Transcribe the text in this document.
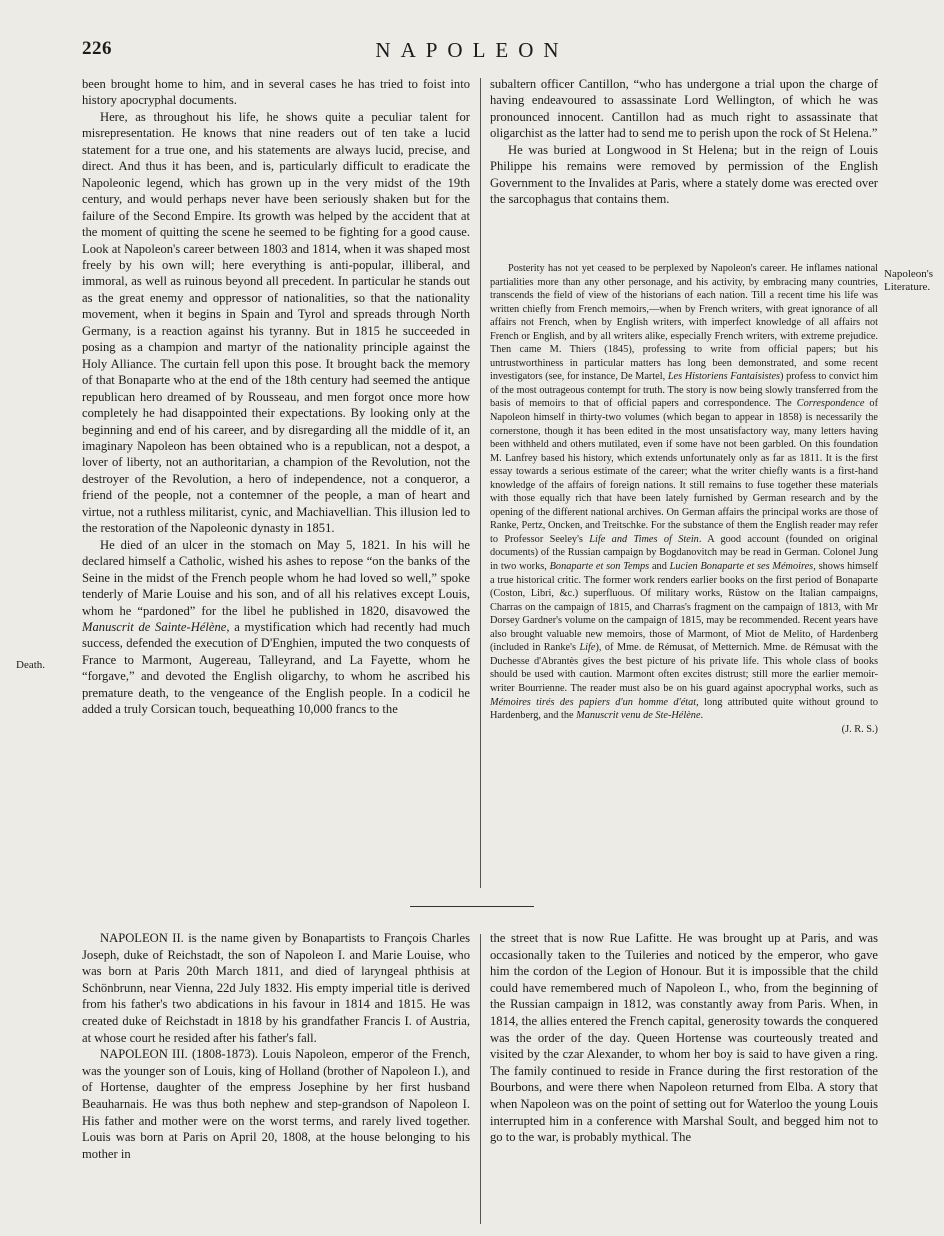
226	NAPOLEON
Death.
Napoleon's Literature.

been brought home to him, and in several cases he has tried to foist into history apocryphal documents.

Here, as throughout his life, he shows quite a peculiar talent for misrepresentation. He knows that nine readers out of ten take a lucid statement for a true one, and his statements are always lucid, precise, and direct. And thus it has been, and is, particularly difficult to eradicate the Napoleonic legend, which has grown up in the very midst of the 19th century, and would perhaps never have been seriously shaken but for the failure of the Second Empire. Its growth was helped by the accident that at the moment of quitting the scene he seemed to be fighting for a good cause. Look at Napoleon's career between 1803 and 1814, when it was shaped most freely by his own will; here everything is anti-popular, illiberal, and immoral, as well as ruinous beyond all precedent. In particular he stands out as the great enemy and oppressor of nationalities, so that the nationality movement, when it begins in Spain and Tyrol and spreads through North Germany, is a reaction against his tyranny. But in 1815 he succeeded in posing as a champion and martyr of the nationality principle against the Holy Alliance. The curtain fell upon this pose. It brought back the memory of that Bonaparte who at the end of the 18th century had seemed the antique republican hero dreamed of by Rousseau, and men forgot once more how completely he had disappointed their expectations. By looking only at the beginning and end of his career, and by disregarding all the middle of it, an imaginary Napoleon has been obtained who is a republican, not a despot, a lover of liberty, not an authoritarian, a champion of the Revolution, not the destroyer of the Revolution, a hero of independence, not a conqueror, a friend of the people, not a contemner of the people, a man of heart and virtue, not a ruthless militarist, cynic, and Machiavellian. This illusion led to the restoration of the Napoleonic dynasty in 1851.

He died of an ulcer in the stomach on May 5, 1821. In his will he declared himself a Catholic, wished his ashes to repose “on the banks of the Seine in the midst of the French people whom he had loved so well,” spoke tenderly of Marie Louise and his son, and of all his relatives except Louis, whom he “pardoned” for the libel he published in 1820, disavowed the Manuscrit de Sainte-Hélène, a mystification which had recently had much success, defended the execution of D'Enghien, imputed the two conquests of France to Marmont, Augereau, Talleyrand, and La Fayette, whom he “forgave,” and devoted the English oligarchy, to whom he ascribed his premature death, to the vengeance of the English people. In a codicil he added a truly Corsican touch, bequeathing 10,000 francs to the

subaltern officer Cantillon, “who has undergone a trial upon the charge of having endeavoured to assassinate Lord Wellington, of which he was pronounced innocent. Cantillon had as much right to assassinate that oligarchist as the latter had to send me to perish upon the rock of St Helena.”

He was buried at Longwood in St Helena; but in the reign of Louis Philippe his remains were removed by permission of the English Government to the Invalides at Paris, where a stately dome was erected over the sarcophagus that contains them.

Posterity has not yet ceased to be perplexed by Napoleon's career. He inflames national partialities more than any other personage, and his activity, by embracing many countries, transcends the field of view of the historians of each nation. Till a recent time his life was written chiefly from French memoirs,—when by French writers, with great ignorance of all affairs not French, when by English writers, with imperfect knowledge of all affairs not French or English, and by all writers alike, especially French writers, with extreme prejudice. Then came M. Thiers (1845), professing to write from official papers; but his untrustworthiness in particular matters has long been demonstrated, and some recent investigators (see, for instance, De Martel, Les Historiens Fantaisistes) profess to convict him of the most outrageous contempt for truth. The story is now being slowly transferred from the basis of memoirs to that of official papers and correspondence. The Correspondence of Napoleon himself in thirty-two volumes (which began to appear in 1858) is necessarily the cornerstone, though it has been edited in the most unsatisfactory way, many letters having been withheld and others mutilated, even if some have not been garbled. On this foundation M. Lanfrey based his history, which extends unfortunately only as far as 1811. It is the first essay towards a serious estimate of the career; what the writer chiefly wants is a first-hand knowledge of the affairs of foreign nations. It still remains to fuse together these materials with those equally rich that have been lately furnished by German research and by the opening of the different national archives. On German affairs the principal works are those of Ranke, Pertz, Oncken, and Treitschke. For the substance of them the English reader may refer to Professor Seeley's Life and Times of Stein. A good account (founded on original documents) of the Russian campaign by Bogdanovitch may be read in German. Colonel Jung in two works, Bonaparte et son Temps and Lucien Bonaparte et ses Mémoires, shows himself a true historical critic. The former work renders earlier books on the first period of Bonaparte (Coston, Libri, &c.) superfluous. Of military works, Rüstow on the Italian campaigns, Charras on the campaign of 1815, and Charras's fragment on the campaign of 1813, with Mr Dorsey Gardner's volume on the campaign of 1815, may be recommended. Recent years have also brought valuable new memoirs, those of Marmont, of Miot de Melito, of Hardenberg (included in Ranke's Life), of Mme. de Rémusat, of Metternich. Mme. de Rémusat with the Duchesse d'Abrantès gives the best picture of his private life. This whole class of books should be used with caution. Marmont often excites distrust; still more the earlier memoir-writer Bourrienne. The reader must also be on his guard against apocryphal works, such as Mémoires tirés des papiers d'un homme d'état, long attributed quite without ground to Hardenberg, and the Manuscrit venu de Ste-Hélène.

(J. R. S.)

NAPOLEON II. is the name given by Bonapartists to François Charles Joseph, duke of Reichstadt, the son of Napoleon I. and Marie Louise, who was born at Paris 20th March 1811, and died of laryngeal phthisis at Schönbrunn, near Vienna, 22d July 1832. His empty imperial title is derived from his father's two abdications in his favour in 1814 and 1815. He was created duke of Reichstadt in 1818 by his grandfather Francis I. of Austria, at whose court he resided after his father's fall.

NAPOLEON III. (1808-1873). Louis Napoleon, emperor of the French, was the younger son of Louis, king of Holland (brother of Napoleon I.), and of Hortense, daughter of the empress Josephine by her first husband Beauharnais. He was thus both nephew and step-grandson of Napoleon I. His father and mother were on the worst terms, and rarely lived together. Louis was born at Paris on April 20, 1808, at the house belonging to his mother in

the street that is now Rue Lafitte. He was brought up at Paris, and was occasionally taken to the Tuileries and noticed by the emperor, who gave him the cordon of the Legion of Honour. But it is impossible that the child could have remembered much of Napoleon I., who, from the beginning of the Russian campaign in 1812, was constantly away from Paris. When, in 1814, the allies entered the French capital, generosity towards the conquered was the order of the day. Queen Hortense was courteously treated and visited by the czar Alexander, to whom her boy is said to have given a ring. The family continued to reside in France during the first restoration of the Bourbons, and were there when Napoleon returned from Elba. A story that when Napoleon was on the point of setting out for Waterloo the young Louis interrupted him in a conference with Marshal Soult, and begged him not to go to the war, is probably mythical. The
